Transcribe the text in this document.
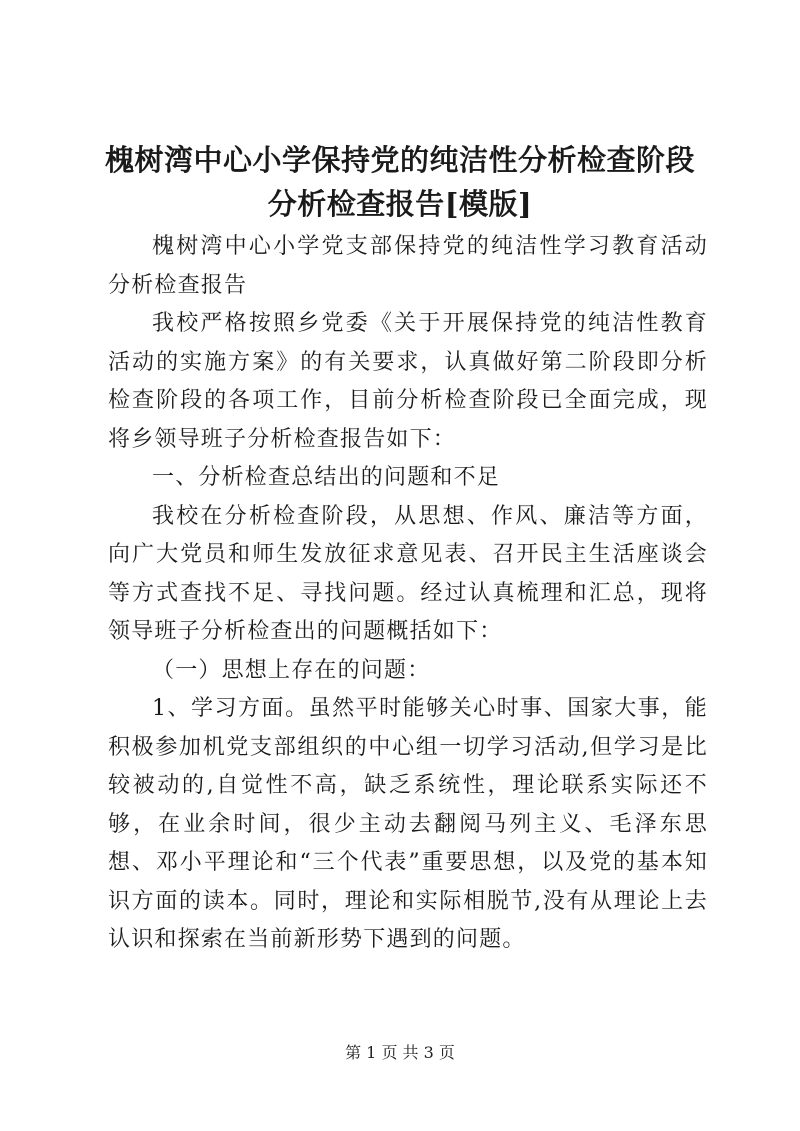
槐树湾中心小学保持党的纯洁性分析检查阶段
分析检查报告[模版]

槐树湾中心小学党支部保持党的纯洁性学习教育活动分析检查报告

我校严格按照乡党委《关于开展保持党的纯洁性教育活动的实施方案》的有关要求，认真做好第二阶段即分析检查阶段的各项工作，目前分析检查阶段已全面完成，现将乡领导班子分析检查报告如下：

一、分析检查总结出的问题和不足

我校在分析检查阶段，从思想、作风、廉洁等方面，向广大党员和师生发放征求意见表、召开民主生活座谈会等方式查找不足、寻找问题。经过认真梳理和汇总，现将领导班子分析检查出的问题概括如下：

（一）思想上存在的问题：

1、学习方面。虽然平时能够关心时事、国家大事，能积极参加机党支部组织的中心组一切学习活动,但学习是比较被动的,自觉性不高，缺乏系统性，理论联系实际还不够，在业余时间，很少主动去翻阅马列主义、毛泽东思想、邓小平理论和“三个代表”重要思想，以及党的基本知识方面的读本。同时，理论和实际相脱节,没有从理论上去认识和探索在当前新形势下遇到的问题。

第 1 页 共 3 页
